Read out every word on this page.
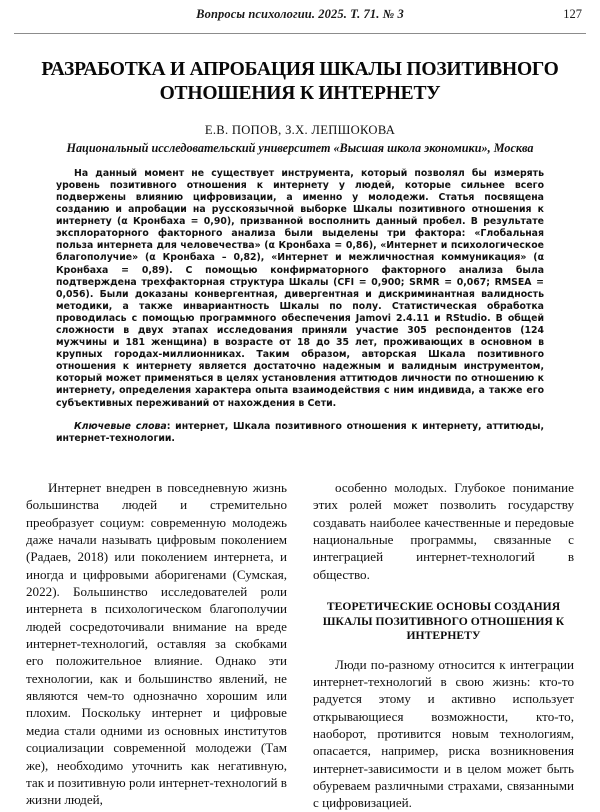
Вопросы психологии. 2025. Т. 71. № 3	127
РАЗРАБОТКА И АПРОБАЦИЯ ШКАЛЫ ПОЗИТИВНОГО ОТНОШЕНИЯ К ИНТЕРНЕТУ
Е.В. ПОПОВ, З.Х. ЛЕПШОКОВА
Национальный исследовательский университет «Высшая школа экономики», Москва

На данный момент не существует инструмента, который позволял бы измерять уровень позитивного отношения к интернету у людей, которые сильнее всего подвержены влиянию цифровизации, а именно у молодежи. Статья посвящена созданию и апробации на русскоязычной выборке Шкалы позитивного отношения к интернету (α Кронбаха = 0,90), призванной восполнить данный пробел. В результате эксплораторного факторного анализа были выделены три фактора: «Глобальная польза интернета для человечества» (α Кронбаха = 0,86), «Интернет и психологическое благополучие» (α Кронбаха – 0,82), «Интернет и межличностная коммуникация» (α Кронбаха = 0,89). С помощью конфирматорного факторного анализа была подтверждена трехфакторная структура Шкалы (CFI = 0,900; SRMR = 0,067; RMSEA = 0,056). Были доказаны конвергентная, дивергентная и дискриминантная валидность методики, а также инвариантность Шкалы по полу. Статистическая обработка проводилась с помощью программного обеспечения Jamovi 2.4.11 и RStudio. В общей сложности в двух этапах исследования приняли участие 305 респондентов (124 мужчины и 181 женщина) в возрасте от 18 до 35 лет, проживающих в основном в крупных городах-миллионниках. Таким образом, авторская Шкала позитивного отношения к интернету является достаточно надежным и валидным инструментом, который может применяться в целях установления аттитюдов личности по отношению к интернету, определения характера опыта взаимодействия с ним индивида, а также его субъективных переживаний от нахождения в Сети.

Ключевые слова: интернет, Шкала позитивного отношения к интернету, аттитюды, интернет-технологии.

Интернет внедрен в повседневную жизнь большинства людей и стремительно преобразует социум: современную молодежь даже начали называть цифровым поколением (Радаев, 2018) или поколением интернета, и иногда и цифровыми аборигенами (Сумская, 2022). Большинство исследователей роли интернета в психологическом благополучии людей сосредоточивали внимание на вреде интернет-технологий, оставляя за скобками его положительное влияние. Однако эти технологии, как и большинство явлений, не являются чем-то однозначно хорошим или плохим. Поскольку интернет и цифровые медиа стали одними из основных институтов социализации современной молодежи (Там же), необходимо уточнить как негативную, так и позитивную роли интернет-технологий в жизни людей,

особенно молодых. Глубокое понимание этих ролей может позволить государству создавать наиболее качественные и передовые национальные программы, связанные с интеграцией интернет-технологий в общество.

ТЕОРЕТИЧЕСКИЕ ОСНОВЫ СОЗДАНИЯ ШКАЛЫ ПОЗИТИВНОГО ОТНОШЕНИЯ К ИНТЕРНЕТУ

Люди по-разному относится к интеграции интернет-технологий в свою жизнь: кто-то радуется этому и активно использует открывающиеся возможности, кто-то, наоборот, противится новым технологиям, опасается, например, риска возникновения интернет-зависимости и в целом может быть обуреваем различными страхами, связанными с цифровизацией.
